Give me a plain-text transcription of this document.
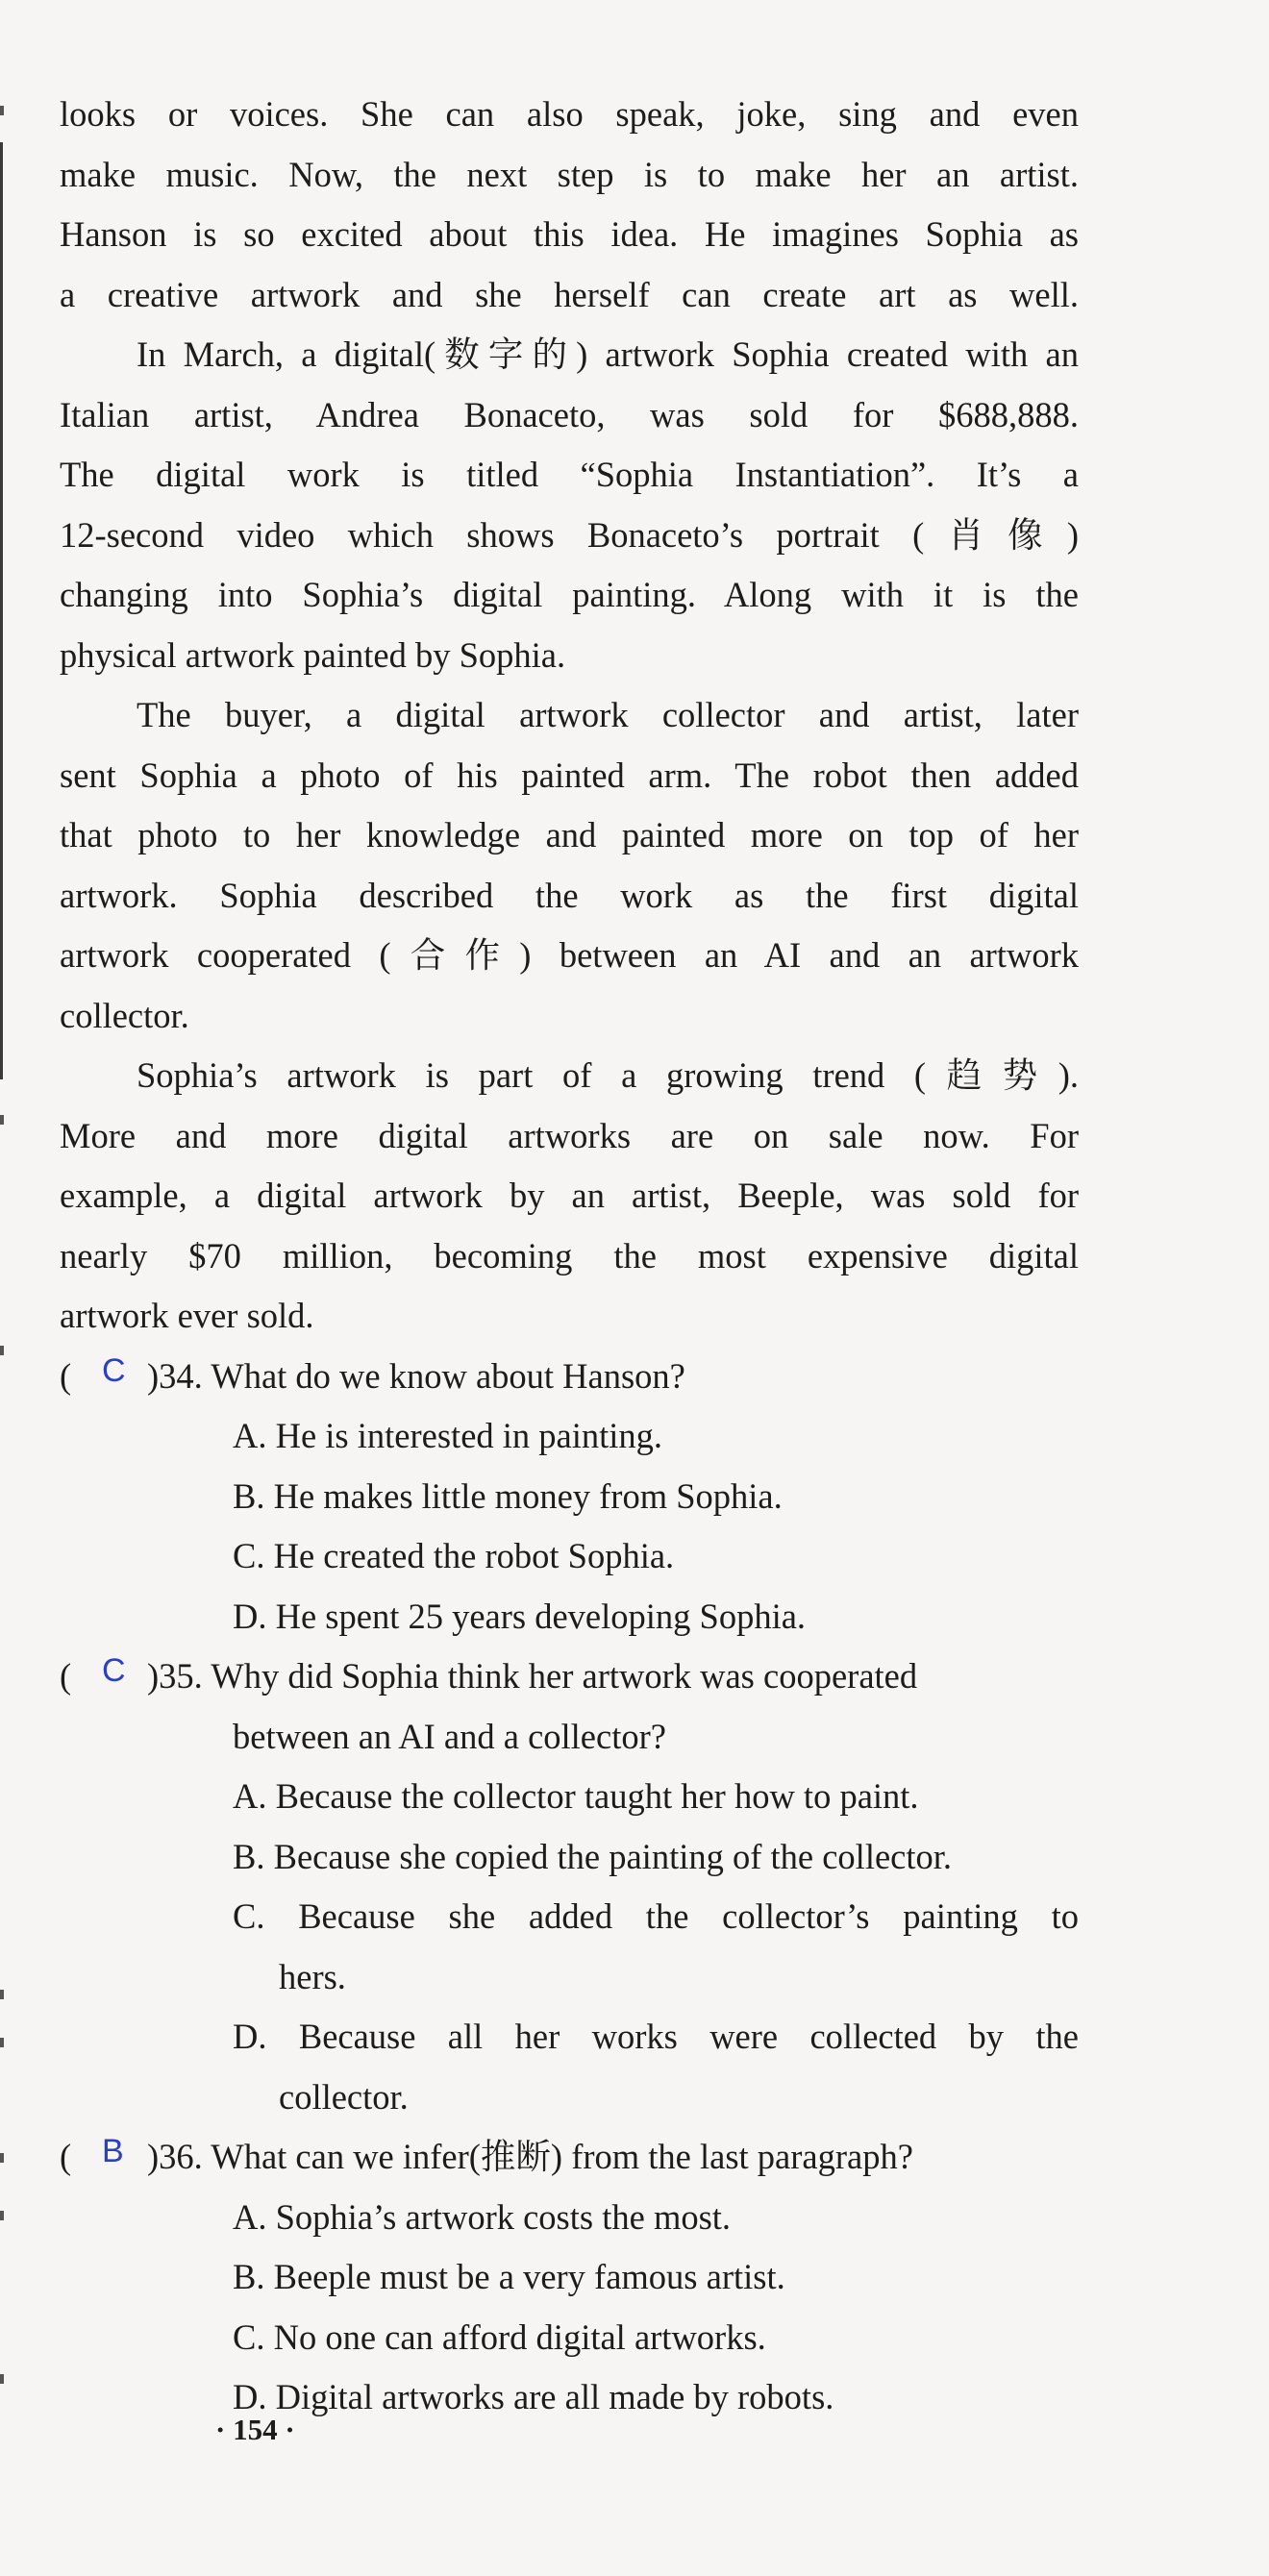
looks or voices. She can also speak, joke, sing and even
make music. Now, the next step is to make her an artist.
Hanson is so excited about this idea. He imagines Sophia as
a creative artwork and she herself can create art as well.
In March, a digital(数字的) artwork Sophia created with an
Italian artist, Andrea Bonaceto, was sold for $688,888.
The digital work is titled “Sophia Instantiation”. It’s a
12-second video which shows Bonaceto’s portrait (肖像)
changing into Sophia’s digital painting. Along with it is the
physical artwork painted by Sophia.
The buyer, a digital artwork collector and artist, later
sent Sophia a photo of his painted arm. The robot then added
that photo to her knowledge and painted more on top of her
artwork. Sophia described the work as the first digital
artwork cooperated (合作) between an AI and an artwork
collector.
Sophia’s artwork is part of a growing trend (趋势).
More and more digital artworks are on sale now. For
example, a digital artwork by an artist, Beeple, was sold for
nearly $70 million, becoming the most expensive digital
artwork ever sold.
( C )34. What do we know about Hanson?
A. He is interested in painting.
B. He makes little money from Sophia.
C. He created the robot Sophia.
D. He spent 25 years developing Sophia.
( C )35. Why did Sophia think her artwork was cooperated
between an AI and a collector?
A. Because the collector taught her how to paint.
B. Because she copied the painting of the collector.
C. Because she added the collector’s painting to
hers.
D. Because all her works were collected by the
collector.
( B )36. What can we infer(推断) from the last paragraph?
A. Sophia’s artwork costs the most.
B. Beeple must be a very famous artist.
C. No one can afford digital artworks.
D. Digital artworks are all made by robots.
· 154 ·
